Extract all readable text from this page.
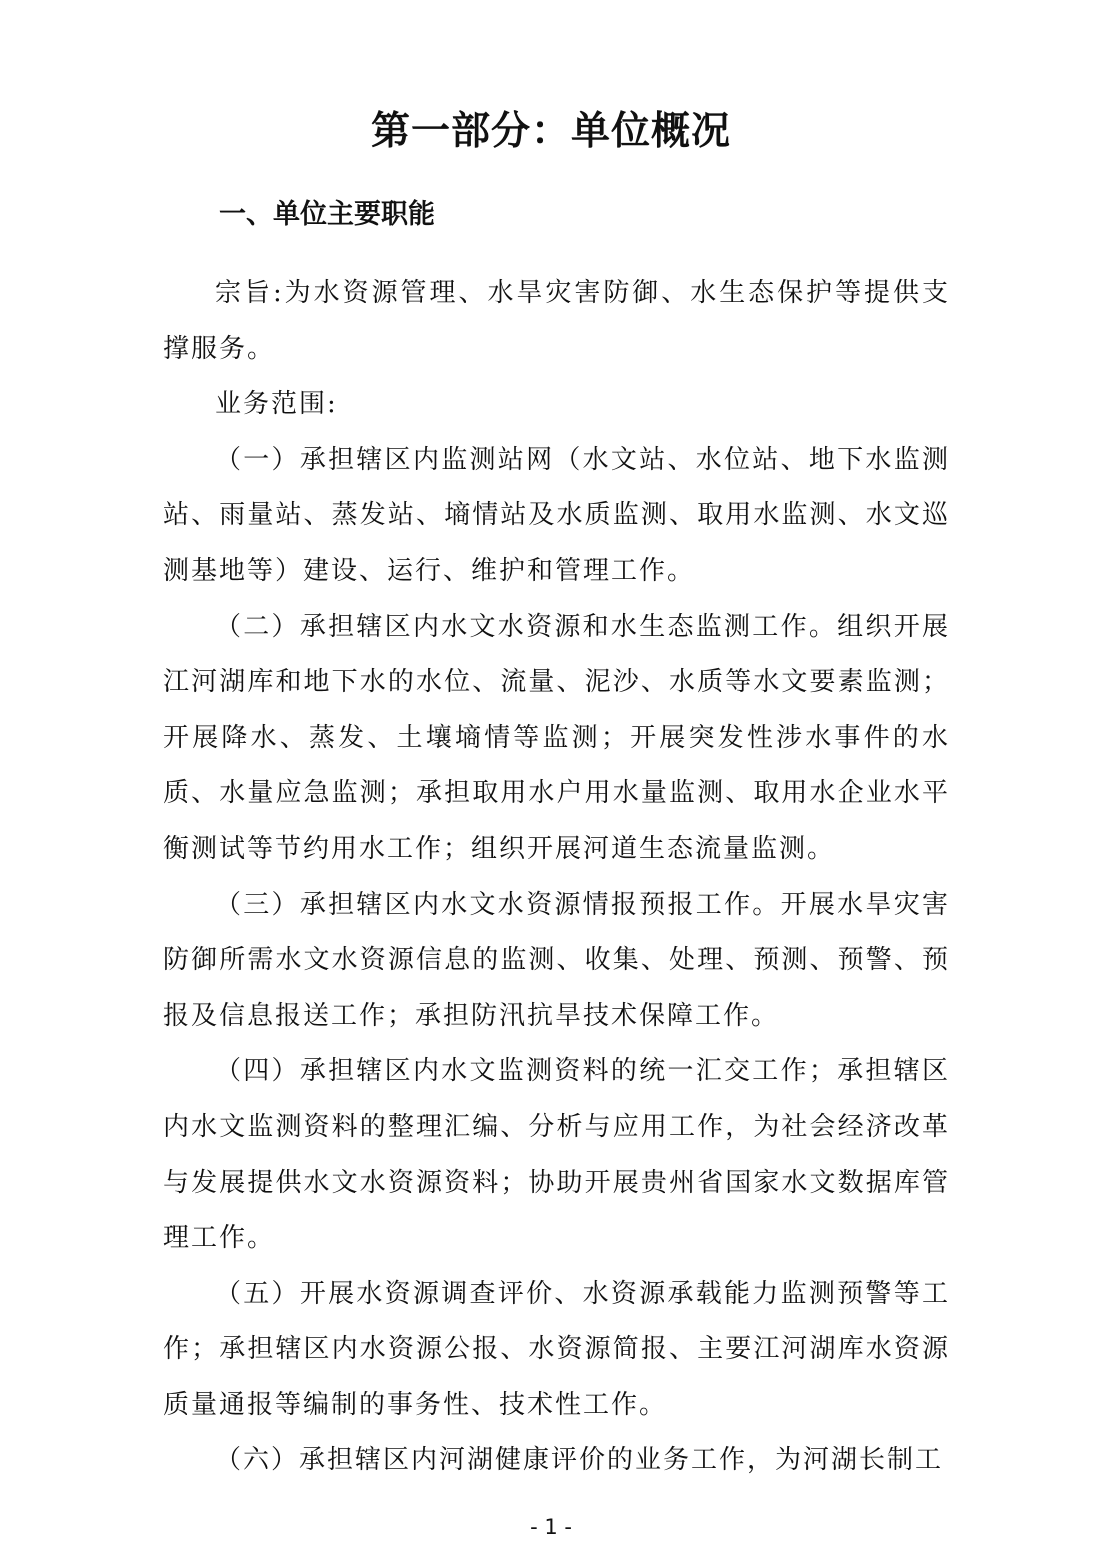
第一部分：单位概况
一、单位主要职能

宗旨:为水资源管理、水旱灾害防御、水生态保护等提供支撑服务。

业务范围:

（一）承担辖区内监测站网（水文站、水位站、地下水监测站、雨量站、蒸发站、墒情站及水质监测、取用水监测、水文巡测基地等）建设、运行、维护和管理工作。

（二）承担辖区内水文水资源和水生态监测工作。组织开展江河湖库和地下水的水位、流量、泥沙、水质等水文要素监测；开展降水、蒸发、土壤墒情等监测；开展突发性涉水事件的水质、水量应急监测；承担取用水户用水量监测、取用水企业水平衡测试等节约用水工作；组织开展河道生态流量监测。

（三）承担辖区内水文水资源情报预报工作。开展水旱灾害防御所需水文水资源信息的监测、收集、处理、预测、预警、预报及信息报送工作；承担防汛抗旱技术保障工作。

（四）承担辖区内水文监测资料的统一汇交工作；承担辖区内水文监测资料的整理汇编、分析与应用工作，为社会经济改革与发展提供水文水资源资料；协助开展贵州省国家水文数据库管理工作。

（五）开展水资源调查评价、水资源承载能力监测预警等工作；承担辖区内水资源公报、水资源简报、主要江河湖库水资源质量通报等编制的事务性、技术性工作。

（六）承担辖区内河湖健康评价的业务工作，为河湖长制工

- 1 -
